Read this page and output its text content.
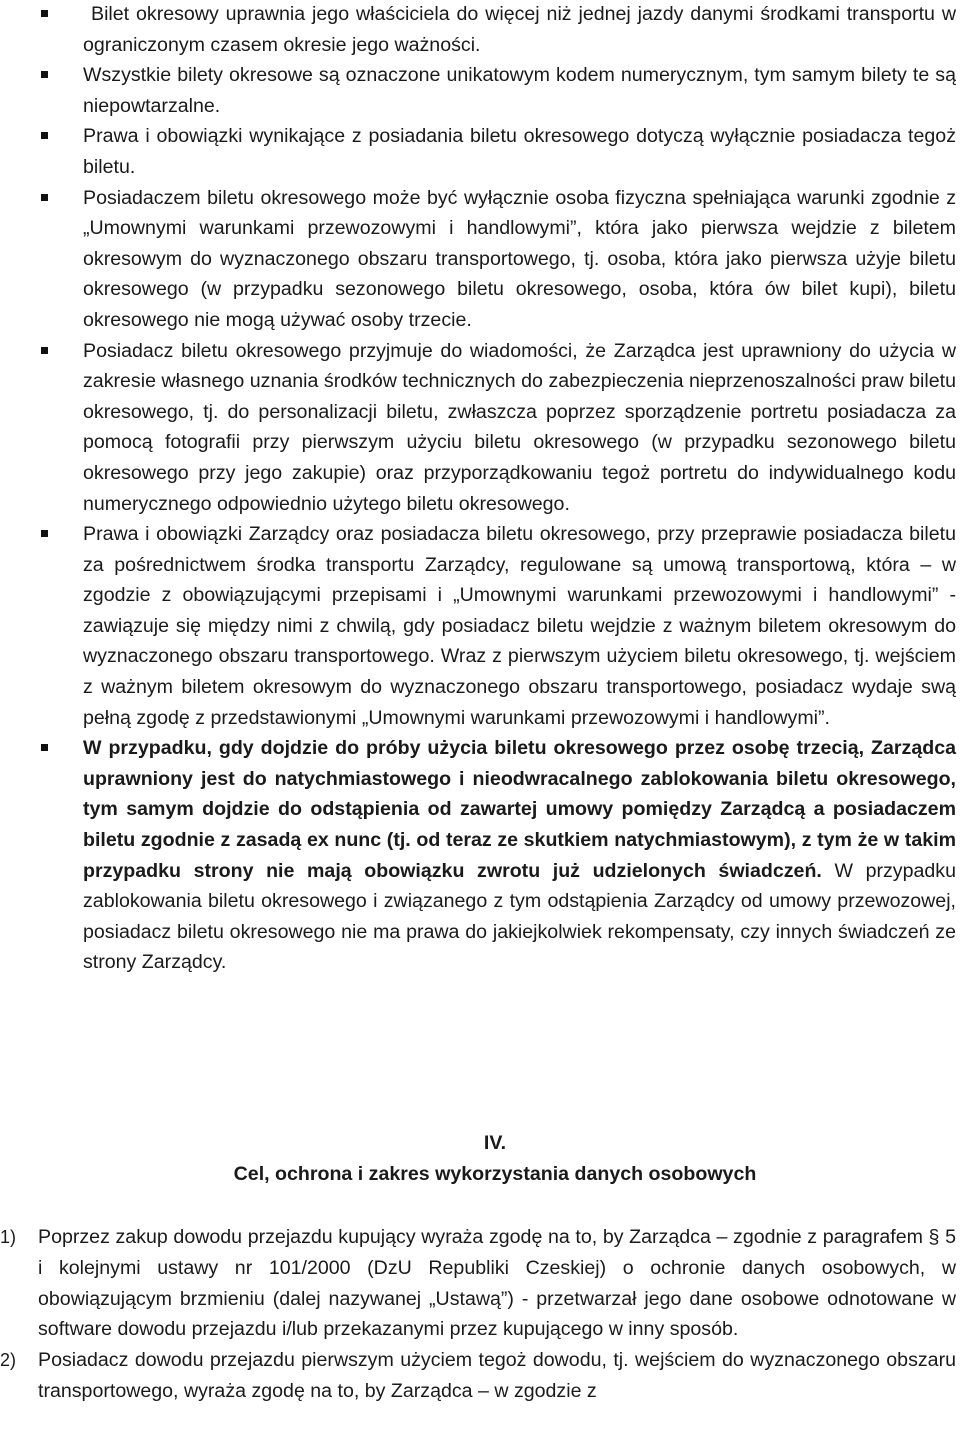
Bilet okresowy uprawnia jego właściciela do więcej niż jednej jazdy danymi środkami transportu w ograniczonym czasem okresie jego ważności.
Wszystkie bilety okresowe są oznaczone unikatowym kodem numerycznym, tym samym bilety te są niepowtarzalne.
Prawa i obowiązki wynikające z posiadania biletu okresowego dotyczą wyłącznie posiadacza tegoż biletu.
Posiadaczem biletu okresowego może być wyłącznie osoba fizyczna spełniająca warunki zgodnie z „Umownymi warunkami przewozowymi i handlowymi”, która jako pierwsza wejdzie z biletem okresowym do wyznaczonego obszaru transportowego, tj. osoba, która jako pierwsza użyje biletu okresowego (w przypadku sezonowego biletu okresowego, osoba, która ów bilet kupi), biletu okresowego nie mogą używać osoby trzecie.
Posiadacz biletu okresowego przyjmuje do wiadomości, że Zarządca jest uprawniony do użycia w zakresie własnego uznania środków technicznych do zabezpieczenia nieprzenoszalności praw biletu okresowego, tj. do personalizacji biletu, zwłaszcza poprzez sporządzenie portretu posiadacza za pomocą fotografii przy pierwszym użyciu biletu okresowego (w przypadku sezonowego biletu okresowego przy jego zakupie) oraz przyporządkowaniu tegoż portretu do indywidualnego kodu numerycznego odpowiednio użytego biletu okresowego.
Prawa i obowiązki Zarządcy oraz posiadacza biletu okresowego, przy przeprawie posiadacza biletu za pośrednictwem środka transportu Zarządcy, regulowane są umową transportową, która – w zgodzie z obowiązującymi przepisami i „Umownymi warunkami przewozowymi i handlowymi” - zawiązuje się między nimi z chwilą, gdy posiadacz biletu wejdzie z ważnym biletem okresowym do wyznaczonego obszaru transportowego. Wraz z pierwszym użyciem biletu okresowego, tj. wejściem z ważnym biletem okresowym do wyznaczonego obszaru transportowego, posiadacz wydaje swą pełną zgodę z przedstawionymi „Umownymi warunkami przewozowymi i handlowymi”.
W przypadku, gdy dojdzie do próby użycia biletu okresowego przez osobę trzecią, Zarządca uprawniony jest do natychmiastowego i nieodwracalnego zablokowania biletu okresowego, tym samym dojdzie do odstąpienia od zawartej umowy pomiędzy Zarządcą a posiadaczem biletu zgodnie z zasadą ex nunc (tj. od teraz ze skutkiem natychmiastowym), z tym że w takim przypadku strony nie mają obowiązku zwrotu już udzielonych świadczeń. W przypadku zablokowania biletu okresowego i związanego z tym odstąpienia Zarządcy od umowy przewozowej, posiadacz biletu okresowego nie ma prawa do jakiejkolwiek rekompensaty, czy innych świadczeń ze strony Zarządcy.
IV.
Cel, ochrona i zakres wykorzystania danych osobowych
1) Poprzez zakup dowodu przejazdu kupujący wyraża zgodę na to, by Zarządca – zgodnie z paragrafem § 5 i kolejnymi ustawy nr 101/2000 (DzU Republiki Czeskiej) o ochronie danych osobowych, w obowiązującym brzmieniu (dalej nazywanej „Ustawą”) - przetwarzał jego dane osobowe odnotowane w software dowodu przejazdu i/lub przekazanymi przez kupującego w inny sposób.
2) Posiadacz dowodu przejazdu pierwszym użyciem tegoż dowodu, tj. wejściem do wyznaczonego obszaru transportowego, wyraża zgodę na to, by Zarządca – w zgodzie z
